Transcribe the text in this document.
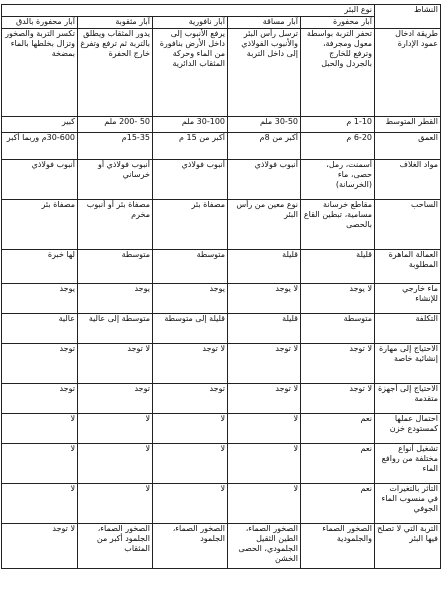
النشاط	نوع البئر				
	آبار محفورة	آبار مساقة	آبار نافورية	آبار مثقوبة	آبار محفورة بالدق
طريقة ادخال عمود الإدارة	تحفر التربة بواسطة معول ومجرفة، وترفع للخارج بالجردل والحبل	ترسل رأس البئر والأنبوب الفولاذي إلى داخل التربة	يرفع الأنبوب إلى داخل الأرض بنافورة من الماء وحركة المثقاب الدائرية	يدور المثقاب ويطلق بالتربة ثم ترفع وتفرغ خارج الحفرة	تكسر التربة والصخور وتزال بخلطها بالماء بمضخة
القطر المتوسط	1-10 م	30-50 ملم	30-100 ملم	50 -200 ملم	كبير
العمق	6-20 م	أكبر من 8م	أكبر من 15 م	15-35م	30-600م وربما أكبر
مواد الغلاف	أسمنت، رمل، حصى، ماء (الخرسانة)	أنبوب فولاذي	أنبوب فولاذي	أنبوب فولاذي أو خرساني	أنبوب فولاذي
الساحب	مقاطع خرسانة مسامية، تبطين القاع بالحصى	نوع معين من رأس البئر	مصفاة بئر	مصفاة بئر أو أنبوب مخرم	مصفاة بئر
العمالة الماهرة المطلوبة	قليلة	قليلة	متوسطة	متوسطة	لها خبرة
ماء خارجي للإنشاء	لا يوجد	لا يوجد	يوجد	يوجد	يوجد
التكلفة	متوسطة	قليلة	قليلة إلى متوسطة	متوسطة إلى عالية	عالية
الاحتياج إلى مهارة إنشائية خاصة	لا توجد	لا توجد	لا توجد	لا توجد	توجد
الاحتياج إلى أجهزة متقدمة	لا توجد	لا توجد	توجد	توجد	توجد
احتمال عملها كمستودع خزن	نعم	لا	لا	لا	لا
تشغيل أنواع مختلفة من روافع الماء	نعم	لا	لا	لا	لا
التأثر بالتغيرات في منسوب الماء الجوفي	نعم	لا	لا	لا	لا
التربة التي لا تصلح فيها البئر	الصخور الصماء والجلمودية	الصخور الصماء، الطين الثقيل الجلمودي، الحصى الخشن	الصخور الصماء، الجلمود	الصخور الصماء، الجلمود أكبر من المثقاب	لا توجد
